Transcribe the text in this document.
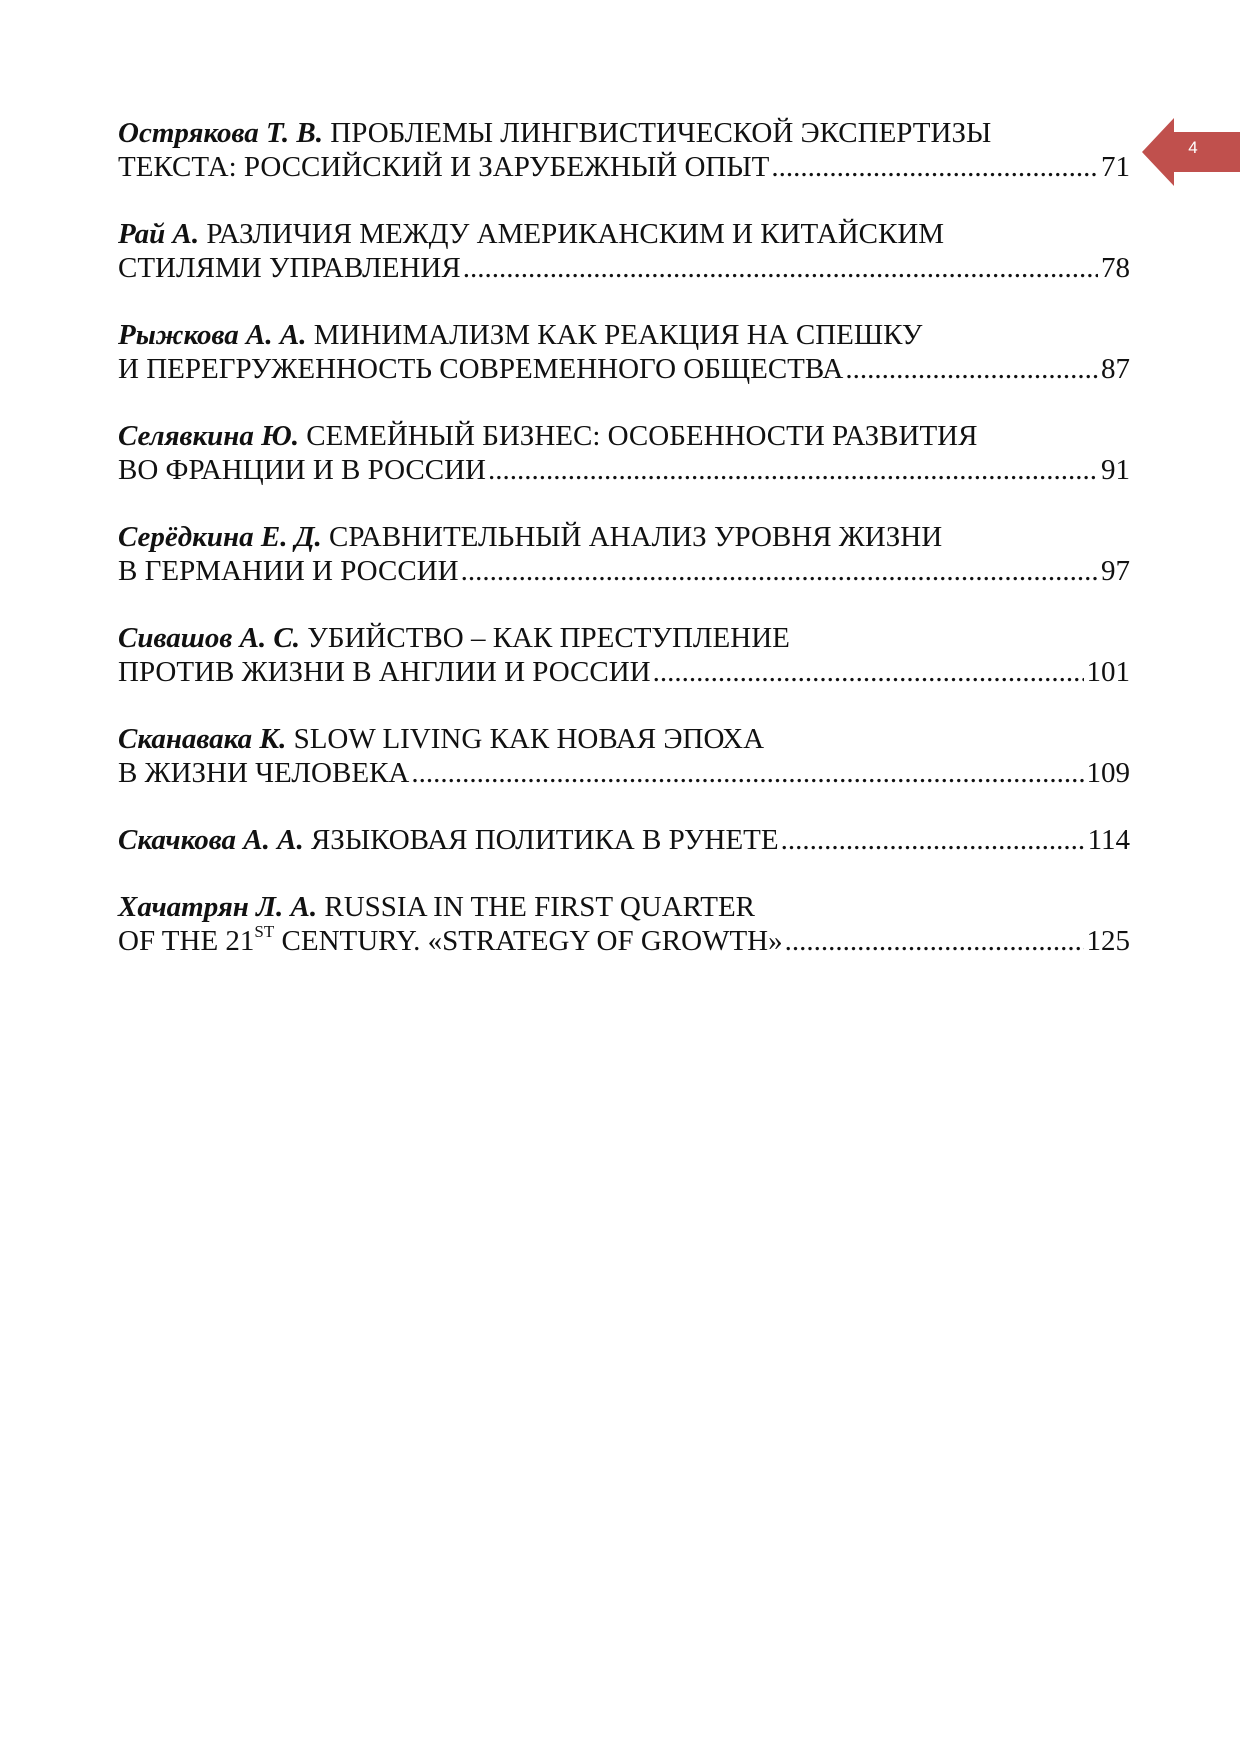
4
Острякова Т. В. ПРОБЛЕМЫ ЛИНГВИСТИЧЕСКОЙ ЭКСПЕРТИЗЫ
ТЕКСТА: РОССИЙСКИЙ И ЗАРУБЕЖНЫЙ ОПЫТ .....	71
Рай А. РАЗЛИЧИЯ МЕЖДУ АМЕРИКАНСКИМ И КИТАЙСКИМ
СТИЛЯМИ УПРАВЛЕНИЯ .....	78
Рыжкова А. А. МИНИМАЛИЗМ КАК РЕАКЦИЯ НА СПЕШКУ
И ПЕРЕГРУЖЕННОСТЬ СОВРЕМЕННОГО ОБЩЕСТВА .....	87
Селявкина Ю. СЕМЕЙНЫЙ БИЗНЕС: ОСОБЕННОСТИ РАЗВИТИЯ
ВО ФРАНЦИИ И В РОССИИ .....	91
Серёдкина Е. Д. СРАВНИТЕЛЬНЫЙ АНАЛИЗ УРОВНЯ ЖИЗНИ
В ГЕРМАНИИ И РОССИИ .....	97
Сивашов А. С. УБИЙСТВО – КАК ПРЕСТУПЛЕНИЕ
ПРОТИВ ЖИЗНИ В АНГЛИИ И РОССИИ .....	101
Сканавака К. SLOW LIVING КАК НОВАЯ ЭПОХА
В ЖИЗНИ ЧЕЛОВЕКА .....	109
Скачкова А. А. ЯЗЫКОВАЯ ПОЛИТИКА В РУНЕТЕ .....	114
Хачатрян Л. А. RUSSIA IN THE FIRST QUARTER
OF THE 21ST CENTURY. «STRATEGY OF GROWTH» .....	125
